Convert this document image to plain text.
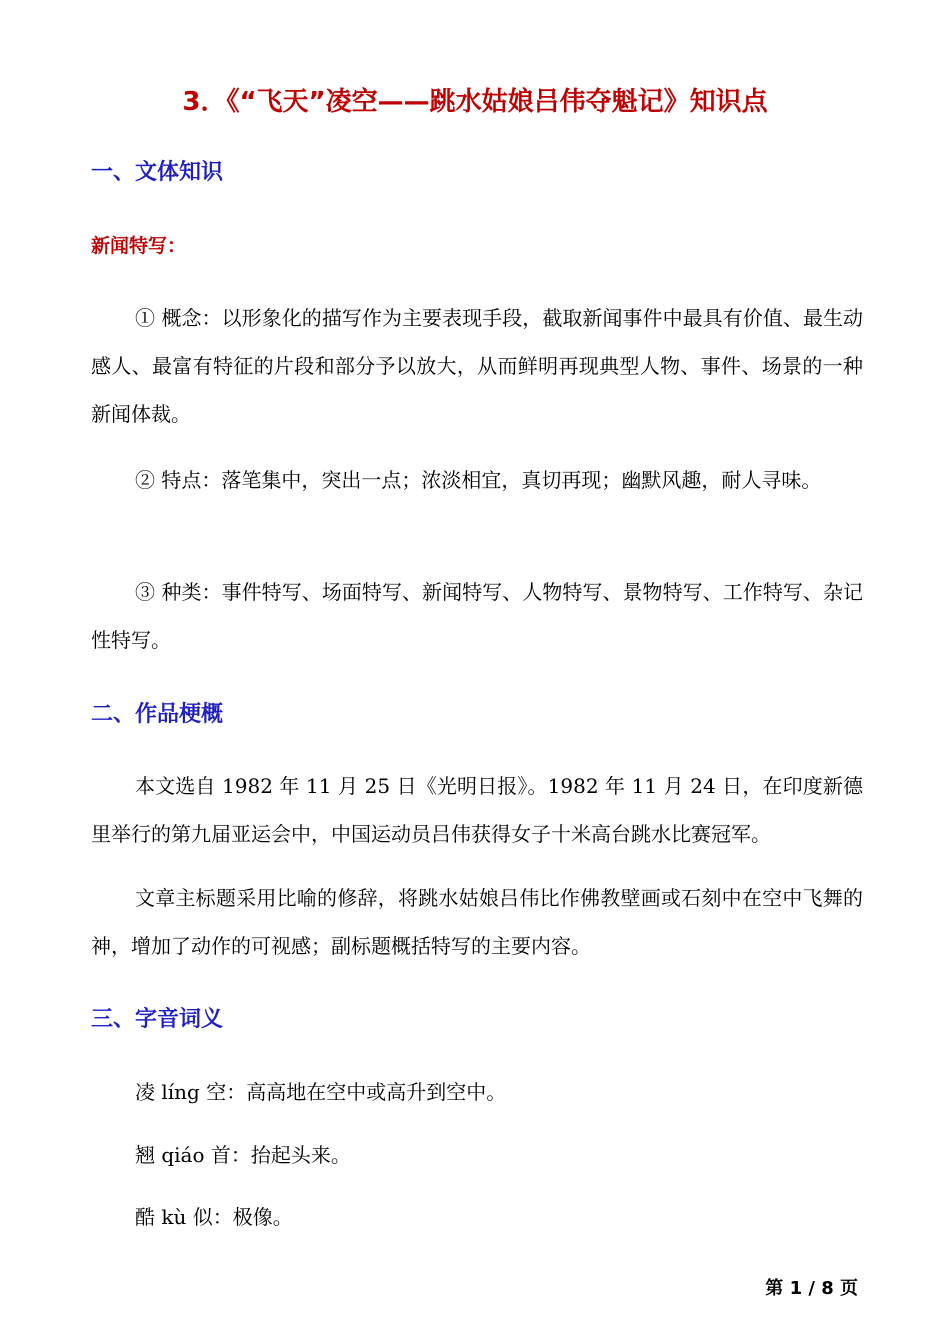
3．《“飞天”凌空——跳水姑娘吕伟夺魁记》知识点
一、文体知识
新闻特写：

① 概念：以形象化的描写作为主要表现手段，截取新闻事件中最具有价值、最生动感人、最富有特征的片段和部分予以放大，从而鲜明再现典型人物、事件、场景的一种新闻体裁。

② 特点：落笔集中，突出一点；浓淡相宜，真切再现；幽默风趣，耐人寻味。

③ 种类：事件特写、场面特写、新闻特写、人物特写、景物特写、工作特写、杂记性特写。

二、作品梗概

本文选自 1982 年 11 月 25 日《光明日报》。1982 年 11 月 24 日，在印度新德里举行的第九届亚运会中，中国运动员吕伟获得女子十米高台跳水比赛冠军。

文章主标题采用比喻的修辞，将跳水姑娘吕伟比作佛教壁画或石刻中在空中飞舞的神，增加了动作的可视感；副标题概括特写的主要内容。

三、字音词义

凌 líng 空：高高地在空中或高升到空中。

翘 qiáo 首：抬起头来。

酷 kù 似：极像。

第 1 / 8 页
